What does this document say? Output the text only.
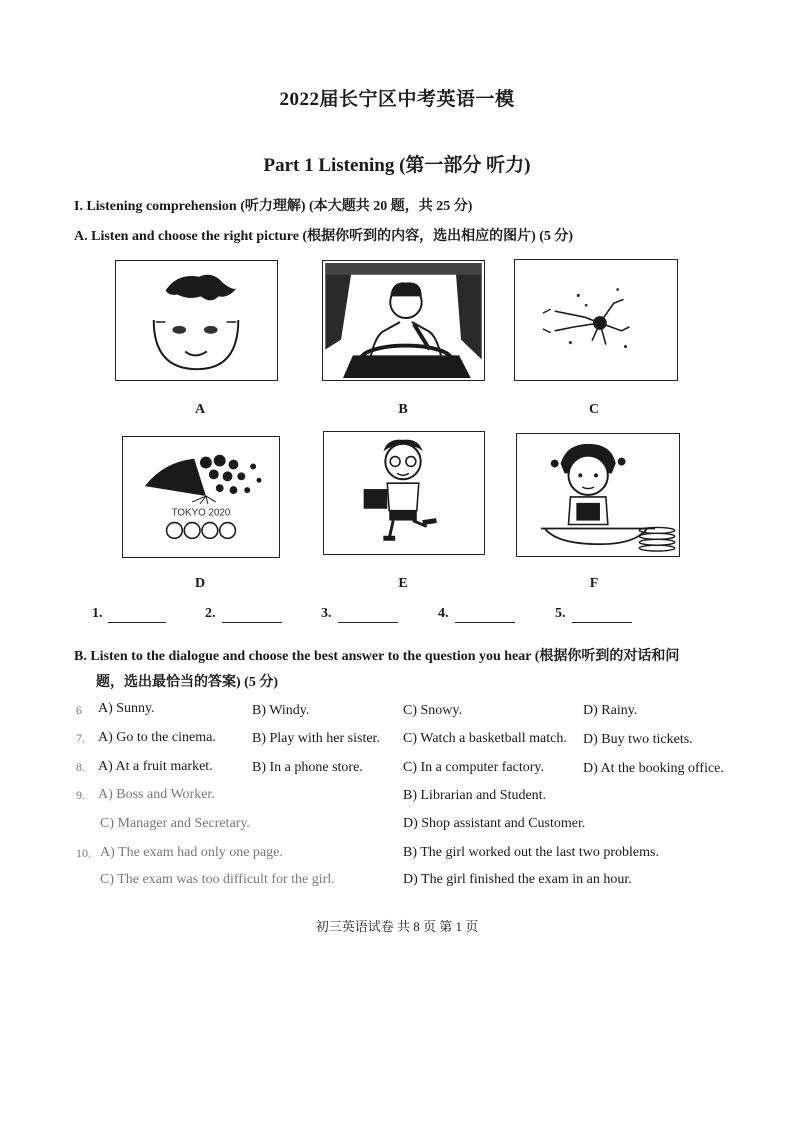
2022届长宁区中考英语一模
Part 1 Listening (第一部分 听力)
I. Listening comprehension (听力理解) (本大题共 20 题，共 25 分)
A. Listen and choose the right picture (根据你听到的内容，选出相应的图片) (5 分)
A	B	C
TOKYO 2020
D	E	F
1.	2.	3.	4.	5.
B. Listen to the dialogue and choose the best answer to the question you hear (根据你听到的对话和问
题，选出最恰当的答案) (5 分)
6 A) Sunny.	B) Windy.	C) Snowy.	D) Rainy.
7. A) Go to the cinema.	B) Play with her sister. C) Watch a basketball match. D) Buy two tickets.
8. A) At a fruit market.	B) In a phone store.	C) In a computer factory.	D) At the booking office.
9. A) Boss and Worker.	B) Librarian and Student.
C) Manager and Secretary.	D) Shop assistant and Customer.
10. A) The exam had only one page.	B) The girl worked out the last two problems.
C) The exam was too difficult for the girl.	D) The girl finished the exam in an hour.
初三英语试卷 共 8 页 第 1 页
